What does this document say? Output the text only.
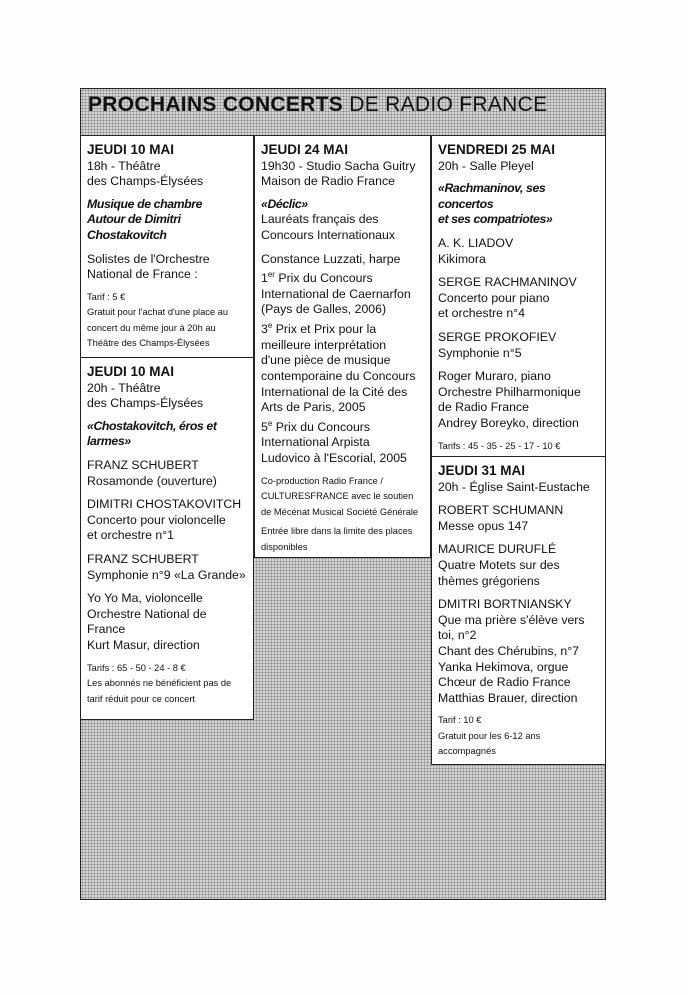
PROCHAINS CONCERTS DE RADIO FRANCE

JEUDI 10 MAI

18h - Théâtre

des Champs-Élysées

Musique de chambre

Autour de Dimitri Chostakovitch

Solistes de l'Orchestre

National de France :

Tarif : 5 €

Gratuit pour l'achat d'une place au

concert du même jour à 20h au

Théâtre des Champs-Élysées

JEUDI 10 MAI

20h - Théâtre

des Champs-Élysées

«Chostakovitch, éros et

larmes»

FRANZ SCHUBERT

Rosamonde (ouverture)

DIMITRI CHOSTAKOVITCH

Concerto pour violoncelle

et orchestre n°1

FRANZ SCHUBERT

Symphonie n°9 «La Grande»

Yo Yo Ma, violoncelle

Orchestre National de France

Kurt Masur, direction

Tarifs : 65 - 50 - 24 - 8 €

Les abonnés ne bénéficient pas de

tarif réduit pour ce concert

JEUDI 24 MAI

19h30 - Studio Sacha Guitry

Maison de Radio France

«Déclic»

Lauréats français des

Concours Internationaux

Constance Luzzati, harpe

1er Prix du Concours

International de Caernarfon

(Pays de Galles, 2006)

3e Prix et Prix pour la

meilleure interprétation

d'une pièce de musique

contemporaine du Concours

International de la Cité des

Arts de Paris, 2005

5e Prix du Concours

International Arpista

Ludovico à l'Escorial, 2005

Co-production Radio France /

CULTURESFRANCE avec le soutien

de Mécénat Musical Société Générale

Entrée libre dans la limite des places

disponibles

VENDREDI 25 MAI

20h - Salle Pleyel

«Rachmaninov, ses concertos

et ses compatriotes»

A. K. LIADOV

Kikimora

SERGE RACHMANINOV

Concerto pour piano

et orchestre n°4

SERGE PROKOFIEV

Symphonie n°5

Roger Muraro, piano

Orchestre Philharmonique

de Radio France

Andrey Boreyko, direction

Tarifs : 45 - 35 - 25 - 17 - 10 €

JEUDI 31 MAI

20h - Église Saint-Eustache

ROBERT SCHUMANN

Messe opus 147

MAURICE DURUFLÉ

Quatre Motets sur des

thèmes grégoriens

DMITRI BORTNIANSKY

Que ma prière s'élève vers

toi, n°2

Chant des Chérubins, n°7

Yanka Hekimova, orgue

Chœur de Radio France

Matthias Brauer, direction

Tarif : 10 €

Gratuit pour les 6-12 ans accompagnés
